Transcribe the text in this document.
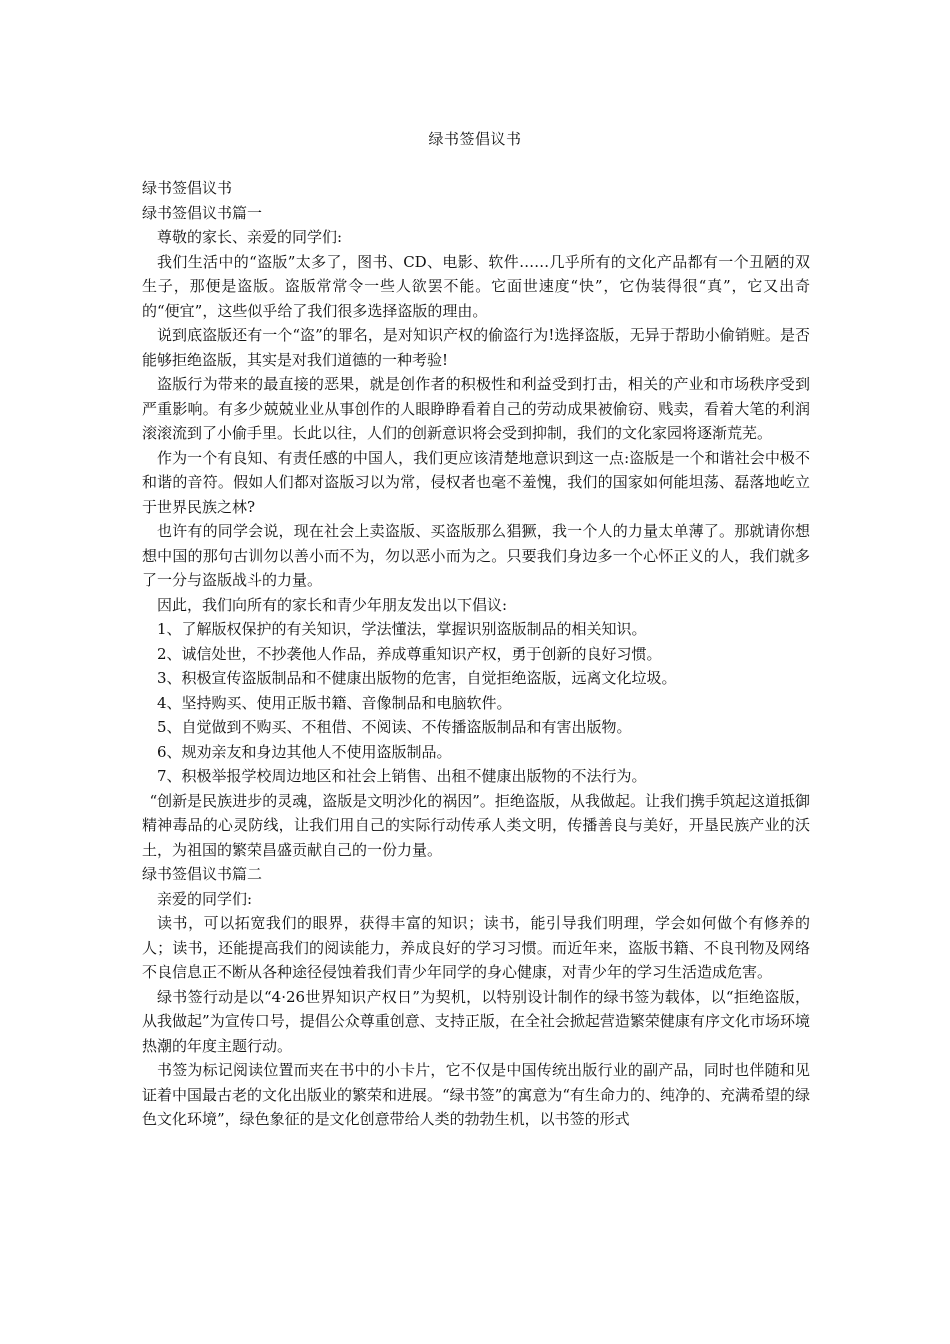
绿书签倡议书

绿书签倡议书

绿书签倡议书篇一

尊敬的家长、亲爱的同学们:

我们生活中的“盗版”太多了，图书、CD、电影、软件……几乎所有的文化产品都有一个丑陋的双生子，那便是盗版。盗版常常令一些人欲罢不能。它面世速度“快”，它伪装得很“真”，它又出奇的“便宜”，这些似乎给了我们很多选择盗版的理由。

说到底盗版还有一个“盗”的罪名，是对知识产权的偷盗行为!选择盗版，无异于帮助小偷销赃。是否能够拒绝盗版，其实是对我们道德的一种考验!

盗版行为带来的最直接的恶果，就是创作者的积极性和利益受到打击，相关的产业和市场秩序受到严重影响。有多少兢兢业业从事创作的人眼睁睁看着自己的劳动成果被偷窃、贱卖，看着大笔的利润滚滚流到了小偷手里。长此以往，人们的创新意识将会受到抑制，我们的文化家园将逐渐荒芜。

作为一个有良知、有责任感的中国人，我们更应该清楚地意识到这一点:盗版是一个和谐社会中极不和谐的音符。假如人们都对盗版习以为常，侵权者也毫不羞愧，我们的国家如何能坦荡、磊落地屹立于世界民族之林?

也许有的同学会说，现在社会上卖盗版、买盗版那么猖獗，我一个人的力量太单薄了。那就请你想想中国的那句古训勿以善小而不为，勿以恶小而为之。只要我们身边多一个心怀正义的人，我们就多了一分与盗版战斗的力量。

因此，我们向所有的家长和青少年朋友发出以下倡议:

1、了解版权保护的有关知识，学法懂法，掌握识别盗版制品的相关知识。

2、诚信处世，不抄袭他人作品，养成尊重知识产权，勇于创新的良好习惯。

3、积极宣传盗版制品和不健康出版物的危害，自觉拒绝盗版，远离文化垃圾。

4、坚持购买、使用正版书籍、音像制品和电脑软件。

5、自觉做到不购买、不租借、不阅读、不传播盗版制品和有害出版物。

6、规劝亲友和身边其他人不使用盗版制品。

7、积极举报学校周边地区和社会上销售、出租不健康出版物的不法行为。

“创新是民族进步的灵魂，盗版是文明沙化的祸因”。拒绝盗版，从我做起。让我们携手筑起这道抵御精神毒品的心灵防线，让我们用自己的实际行动传承人类文明，传播善良与美好，开垦民族产业的沃土，为祖国的繁荣昌盛贡献自己的一份力量。

绿书签倡议书篇二

亲爱的同学们:

读书，可以拓宽我们的眼界，获得丰富的知识；读书，能引导我们明理，学会如何做个有修养的人；读书，还能提高我们的阅读能力，养成良好的学习习惯。而近年来，盗版书籍、不良刊物及网络不良信息正不断从各种途径侵蚀着我们青少年同学的身心健康，对青少年的学习生活造成危害。

绿书签行动是以“4·26世界知识产权日”为契机，以特别设计制作的绿书签为载体，以“拒绝盗版，从我做起”为宣传口号，提倡公众尊重创意、支持正版，在全社会掀起营造繁荣健康有序文化市场环境热潮的年度主题行动。

书签为标记阅读位置而夹在书中的小卡片，它不仅是中国传统出版行业的副产品，同时也伴随和见证着中国最古老的文化出版业的繁荣和进展。“绿书签”的寓意为“有生命力的、纯净的、充满希望的绿色文化环境”，绿色象征的是文化创意带给人类的勃勃生机，以书签的形式
